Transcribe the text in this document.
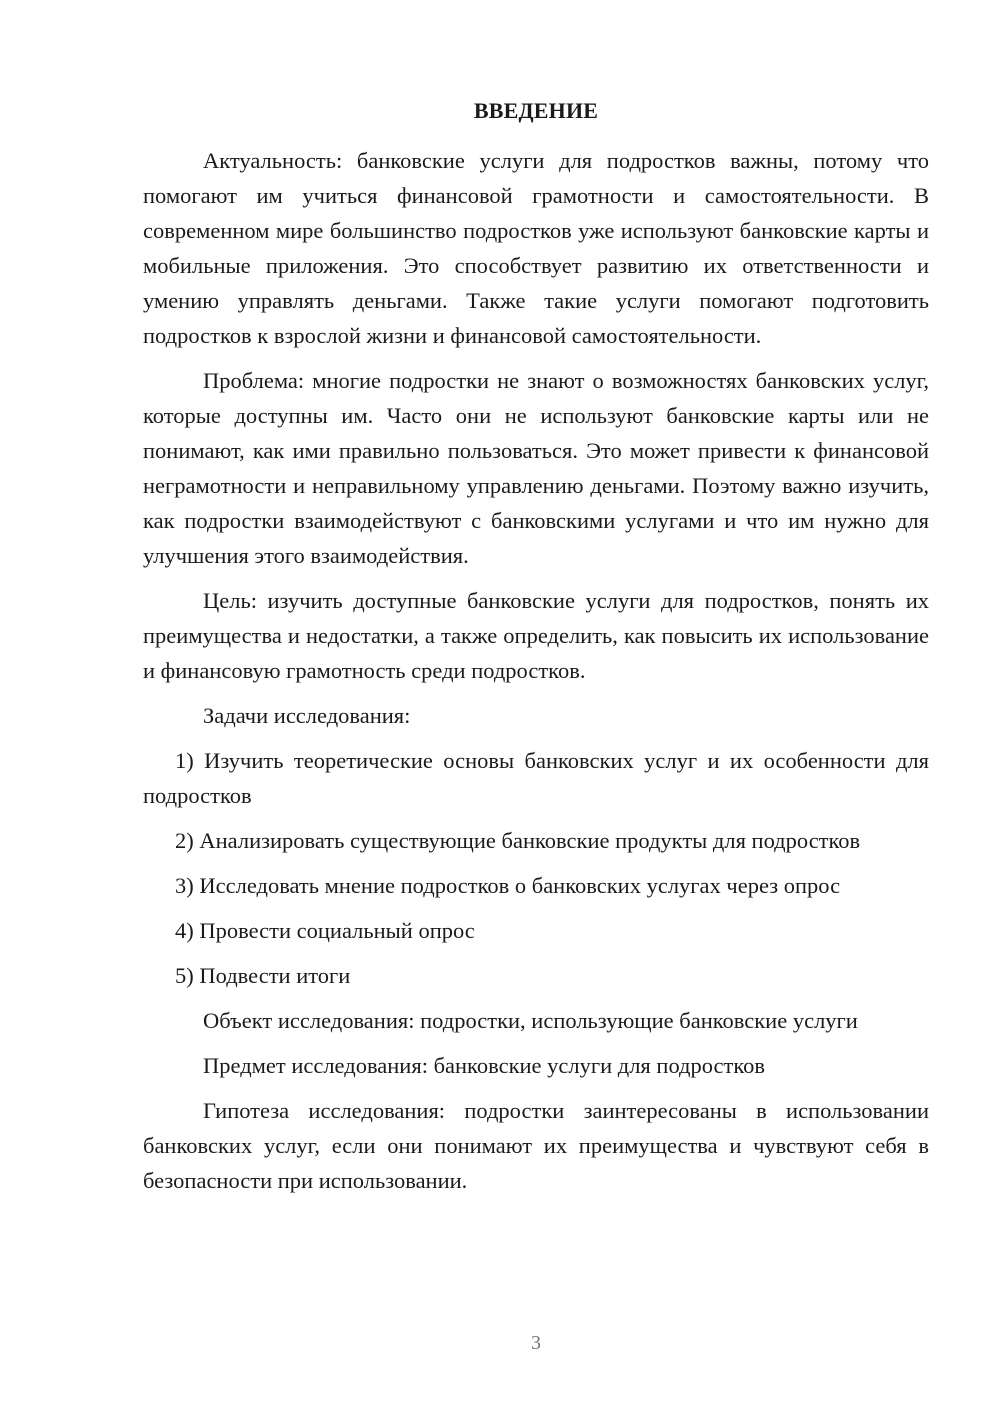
ВВЕДЕНИЕ

Актуальность: банковские услуги для подростков важны, потому что помогают им учиться финансовой грамотности и самостоятельности. В современном мире большинство подростков уже используют банковские карты и мобильные приложения. Это способствует развитию их ответственности и умению управлять деньгами. Также такие услуги помогают подготовить подростков к взрослой жизни и финансовой самостоятельности.

Проблема: многие подростки не знают о возможностях банковских услуг, которые доступны им. Часто они не используют банковские карты или не понимают, как ими правильно пользоваться. Это может привести к финансовой неграмотности и неправильному управлению деньгами. Поэтому важно изучить, как подростки взаимодействуют с банковскими услугами и что им нужно для улучшения этого взаимодействия.

Цель: изучить доступные банковские услуги для подростков, понять их преимущества и недостатки, а также определить, как повысить их использование и финансовую грамотность среди подростков.

Задачи исследования:

1) Изучить теоретические основы банковских услуг и их особенности для подростков

2) Анализировать существующие банковские продукты для подростков

3) Исследовать мнение подростков о банковских услугах через опрос

4) Провести социальный опрос

5) Подвести итоги

Объект исследования: подростки, использующие банковские услуги

Предмет исследования: банковские услуги для подростков

Гипотеза исследования: подростки заинтересованы в использовании банковских услуг, если они понимают их преимущества и чувствуют себя в безопасности при использовании.

3
